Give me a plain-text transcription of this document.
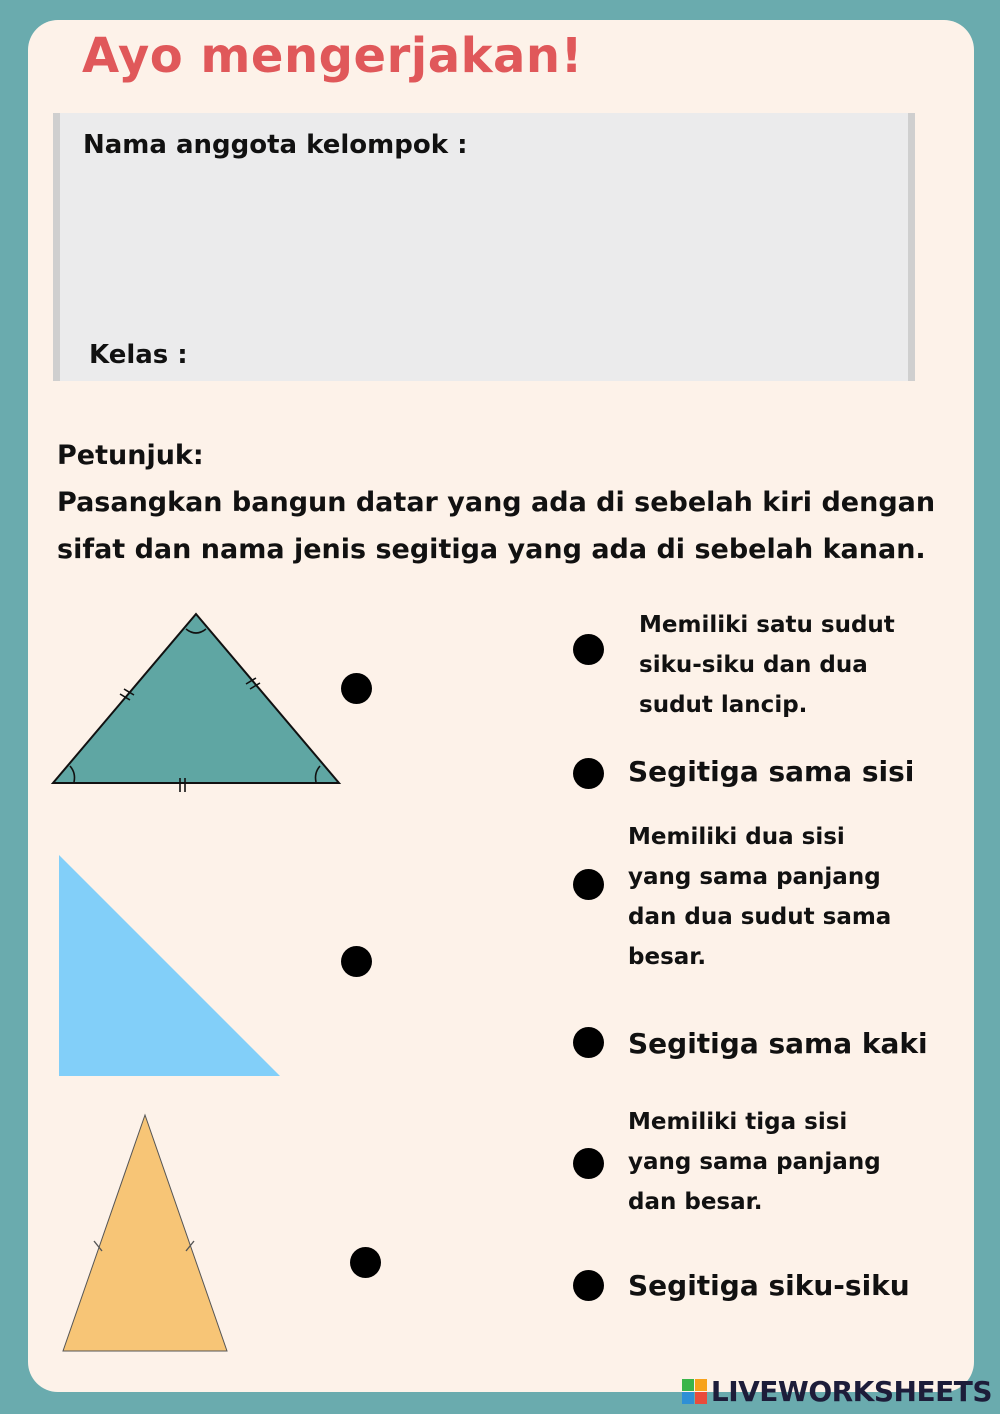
Ayo mengerjakan!
Nama anggota kelompok :
Kelas :
Petunjuk:
Pasangkan bangun datar yang ada di sebelah kiri dengan
sifat dan nama jenis segitiga yang ada di sebelah kanan.
Memiliki satu sudut
siku-siku dan dua
sudut lancip.
Segitiga sama sisi
Memiliki dua sisi
yang sama panjang
dan dua sudut sama
besar.
Segitiga sama kaki
Memiliki tiga sisi
yang sama panjang
dan besar.
Segitiga siku-siku
LIVEWORKSHEETS
